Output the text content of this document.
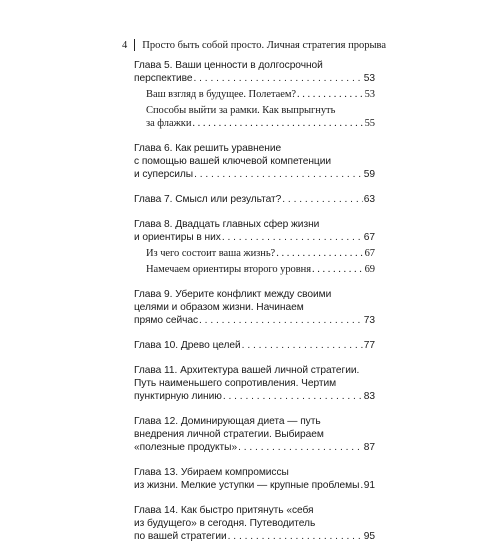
4 Просто быть собой просто. Личная стратегия прорыва
Глава 5. Ваши ценности в долгосрочной
перспективе . . .	53
Ваш взгляд в будущее. Полетаем? . . .	53
Способы выйти за рамки. Как выпрыгнуть
за флажки . . .	55
Глава 6. Как решить уравнение
с помощью вашей ключевой компетенции
и суперсилы . . .	59
Глава 7. Смысл или результат? . . .	63
Глава 8. Двадцать главных сфер жизни
и ориентиры в них . . .	67
Из чего состоит ваша жизнь? . . .	67
Намечаем ориентиры второго уровня . . .	69
Глава 9. Уберите конфликт между своими
целями и образом жизни. Начинаем
прямо сейчас . . .	73
Глава 10. Древо целей . . .	77
Глава 11. Архитектура вашей личной стратегии.
Путь наименьшего сопротивления. Чертим
пунктирную линию . . .	83
Глава 12. Доминирующая диета — путь
внедрения личной стратегии. Выбираем
«полезные продукты» . . .	87
Глава 13. Убираем компромиссы
из жизни. Мелкие уступки — крупные проблемы . . . 91
Глава 14. Как быстро притянуть «себя
из будущего» в сегодня. Путеводитель
по вашей стратегии . . .	95
